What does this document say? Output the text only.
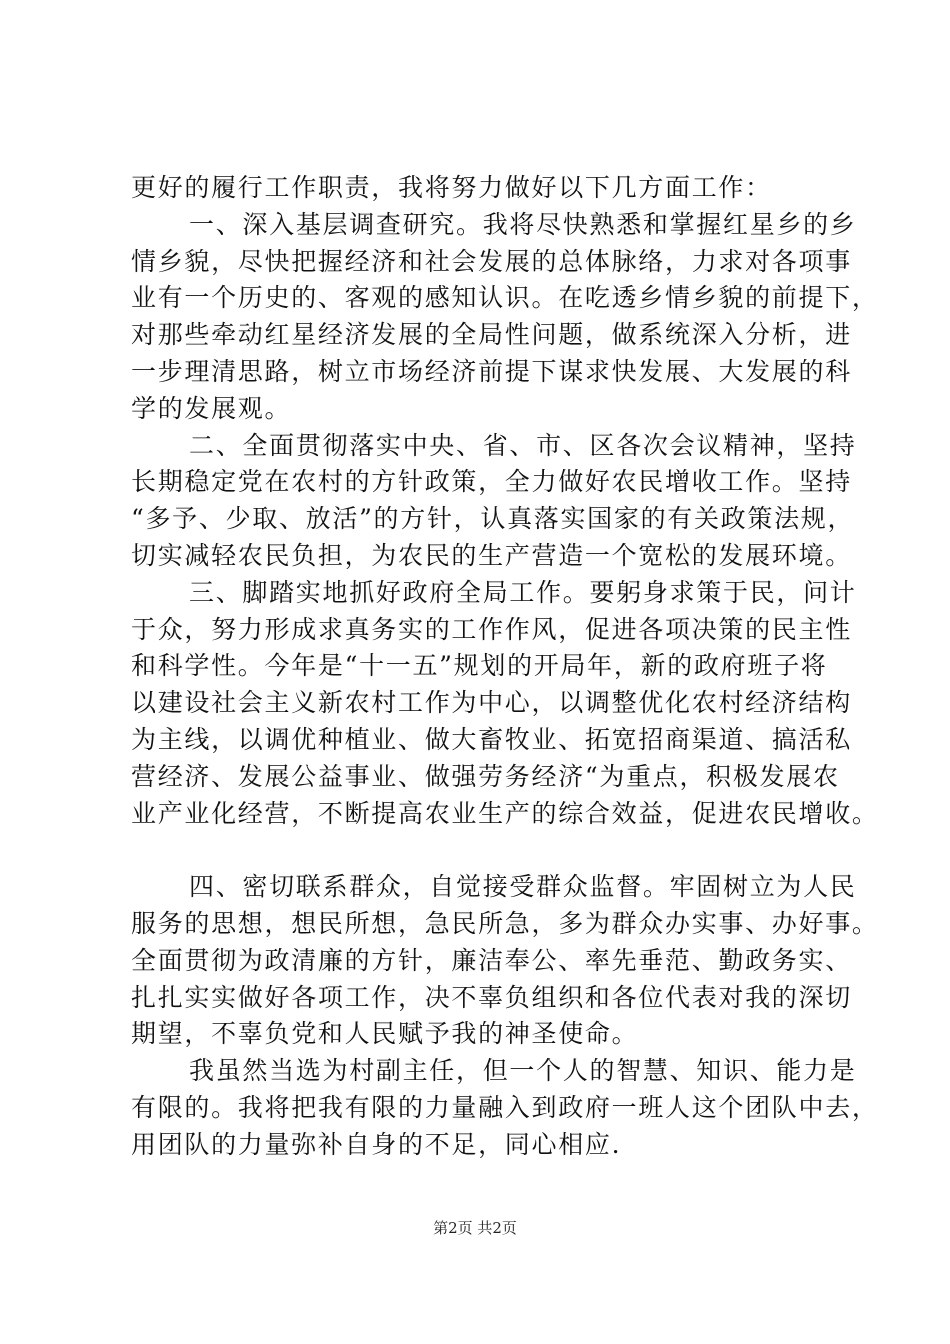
更好的履行工作职责，我将努力做好以下几方面工作：
一、深入基层调查研究。我将尽快熟悉和掌握红星乡的乡
情乡貌，尽快把握经济和社会发展的总体脉络，力求对各项事
业有一个历史的、客观的感知认识。在吃透乡情乡貌的前提下，
对那些牵动红星经济发展的全局性问题，做系统深入分析，进
一步理清思路，树立市场经济前提下谋求快发展、大发展的科
学的发展观。
二、全面贯彻落实中央、省、市、区各次会议精神，坚持
长期稳定党在农村的方针政策，全力做好农民增收工作。坚持
“多予、少取、放活”的方针，认真落实国家的有关政策法规，
切实减轻农民负担，为农民的生产营造一个宽松的发展环境。
三、脚踏实地抓好政府全局工作。要躬身求策于民，问计
于众，努力形成求真务实的工作作风，促进各项决策的民主性
和科学性。今年是“十一五”规划的开局年，新的政府班子将
以建设社会主义新农村工作为中心，以调整优化农村经济结构
为主线，以调优种植业、做大畜牧业、拓宽招商渠道、搞活私
营经济、发展公益事业、做强劳务经济“为重点，积极发展农
业产业化经营，不断提高农业生产的综合效益，促进农民增收。
四、密切联系群众，自觉接受群众监督。牢固树立为人民
服务的思想，想民所想，急民所急，多为群众办实事、办好事。
全面贯彻为政清廉的方针，廉洁奉公、率先垂范、勤政务实、
扎扎实实做好各项工作，决不辜负组织和各位代表对我的深切
期望，不辜负党和人民赋予我的神圣使命。
我虽然当选为村副主任，但一个人的智慧、知识、能力是
有限的。我将把我有限的力量融入到政府一班人这个团队中去，
用团队的力量弥补自身的不足，同心相应.
第2页 共2页
